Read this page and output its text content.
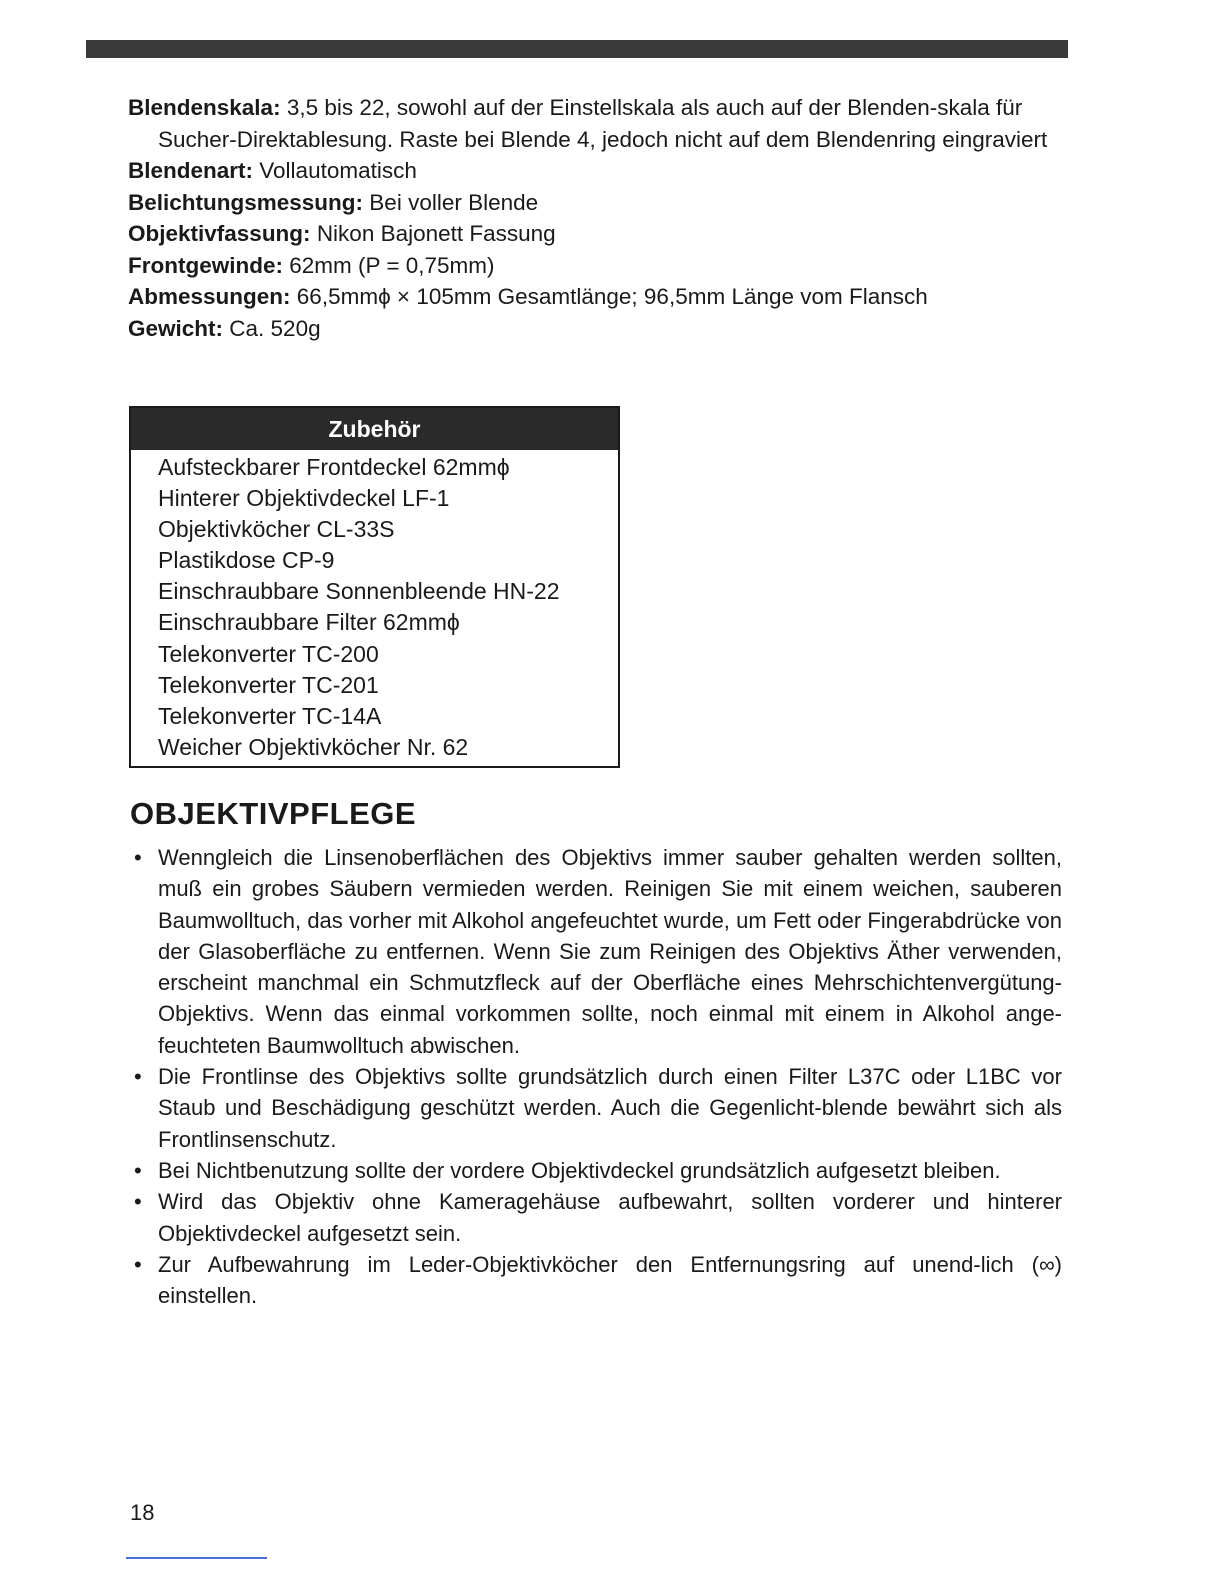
Blendenskala: 3,5 bis 22, sowohl auf der Einstellskala als auch auf der Blenden-skala für Sucher-Direktablesung. Raste bei Blende 4, jedoch nicht auf dem Blendenring eingraviert
Blendenart: Vollautomatisch
Belichtungsmessung: Bei voller Blende
Objektivfassung: Nikon Bajonett Fassung
Frontgewinde: 62mm (P = 0,75mm)
Abmessungen: 66,5mmϕ × 105mm Gesamtlänge; 96,5mm Länge vom Flansch
Gewicht: Ca. 520g
Zubehör
Aufsteckbarer Frontdeckel 62mmϕ
Hinterer Objektivdeckel LF-1
Objektivköcher CL-33S
Plastikdose CP-9
Einschraubbare Sonnenbleende HN-22
Einschraubbare Filter 62mmϕ
Telekonverter TC-200
Telekonverter TC-201
Telekonverter TC-14A
Weicher Objektivköcher Nr. 62
OBJEKTIVPFLEGE
• Wenngleich die Linsenoberflächen des Objektivs immer sauber gehalten werden sollten, muß ein grobes Säubern vermieden werden. Reinigen Sie mit einem weichen, sauberen Baumwolltuch, das vorher mit Alkohol angefeuchtet wurde, um Fett oder Fingerabdrücke von der Glasoberfläche zu entfernen. Wenn Sie zum Reinigen des Objektivs Äther verwenden, erscheint manchmal ein Schmutzfleck auf der Oberfläche eines Mehrschichtenvergütung-Objektivs. Wenn das einmal vorkommen sollte, noch einmal mit einem in Alkohol ange-feuchteten Baumwolltuch abwischen.
• Die Frontlinse des Objektivs sollte grundsätzlich durch einen Filter L37C oder L1BC vor Staub und Beschädigung geschützt werden. Auch die Gegenlicht-blende bewährt sich als Frontlinsenschutz.
• Bei Nichtbenutzung sollte der vordere Objektivdeckel grundsätzlich aufgesetzt bleiben.
• Wird das Objektiv ohne Kameragehäuse aufbewahrt, sollten vorderer und hinterer Objektivdeckel aufgesetzt sein.
• Zur Aufbewahrung im Leder-Objektivköcher den Entfernungsring auf unend-lich (∞) einstellen.
18
